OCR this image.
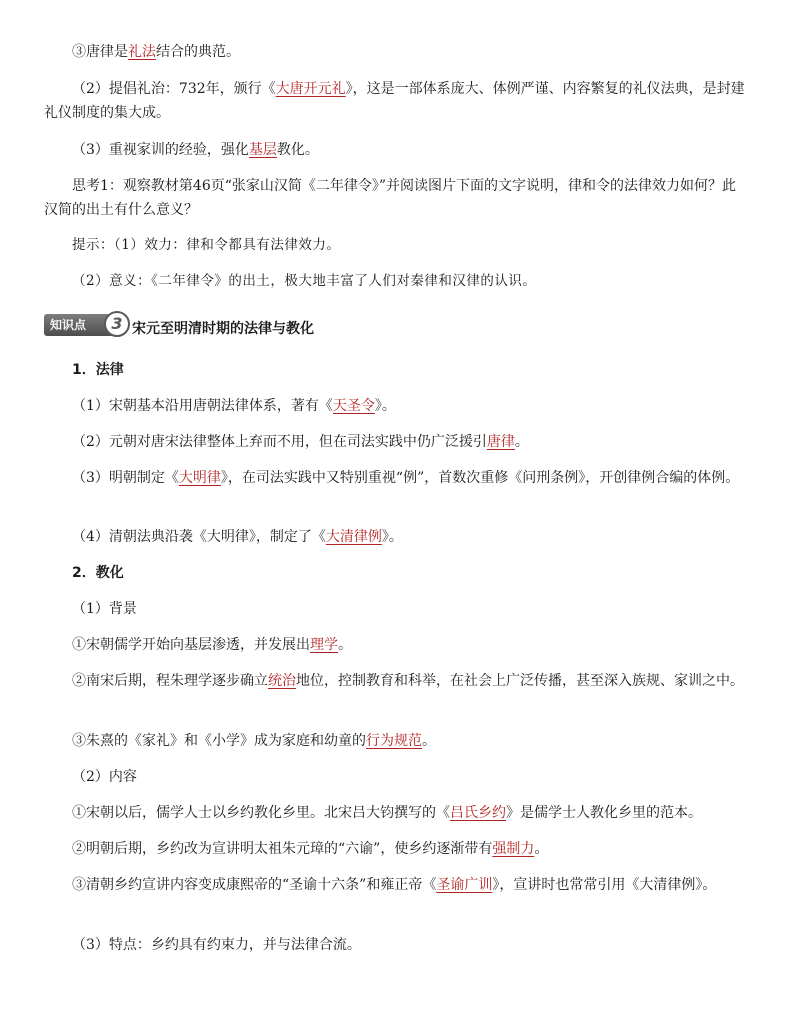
③唐律是礼法结合的典范。

（2）提倡礼治：732年，颁行《大唐开元礼》，这是一部体系庞大、体例严谨、内容繁复的礼仪法典，是封建礼仪制度的集大成。

（3）重视家训的经验，强化基层教化。

思考1：观察教材第46页“张家山汉简《二年律令》”并阅读图片下面的文字说明，律和令的法律效力如何？此汉简的出土有什么意义？

提示：（1）效力：律和令都具有法律效力。

（2）意义：《二年律令》的出土，极大地丰富了人们对秦律和汉律的认识。

知识点	3 宋元至明清时期的法律与教化

1．法律

（1）宋朝基本沿用唐朝法律体系，著有《天圣令》。

（2）元朝对唐宋法律整体上弃而不用，但在司法实践中仍广泛援引唐律。

（3）明朝制定《大明律》，在司法实践中又特别重视“例”，首数次重修《问刑条例》，开创律例合编的体例。

（4）清朝法典沿袭《大明律》，制定了《大清律例》。

2．教化

（1）背景

①宋朝儒学开始向基层渗透，并发展出理学。

②南宋后期，程朱理学逐步确立统治地位，控制教育和科举，在社会上广泛传播，甚至深入族规、家训之中。

③朱熹的《家礼》和《小学》成为家庭和幼童的行为规范。

（2）内容

①宋朝以后，儒学人士以乡约教化乡里。北宋吕大钧撰写的《吕氏乡约》是儒学士人教化乡里的范本。

②明朝后期，乡约改为宣讲明太祖朱元璋的“六谕”，使乡约逐渐带有强制力。

③清朝乡约宣讲内容变成康熙帝的“圣谕十六条”和雍正帝《圣谕广训》，宣讲时也常常引用《大清律例》。

（3）特点：乡约具有约束力，并与法律合流。
